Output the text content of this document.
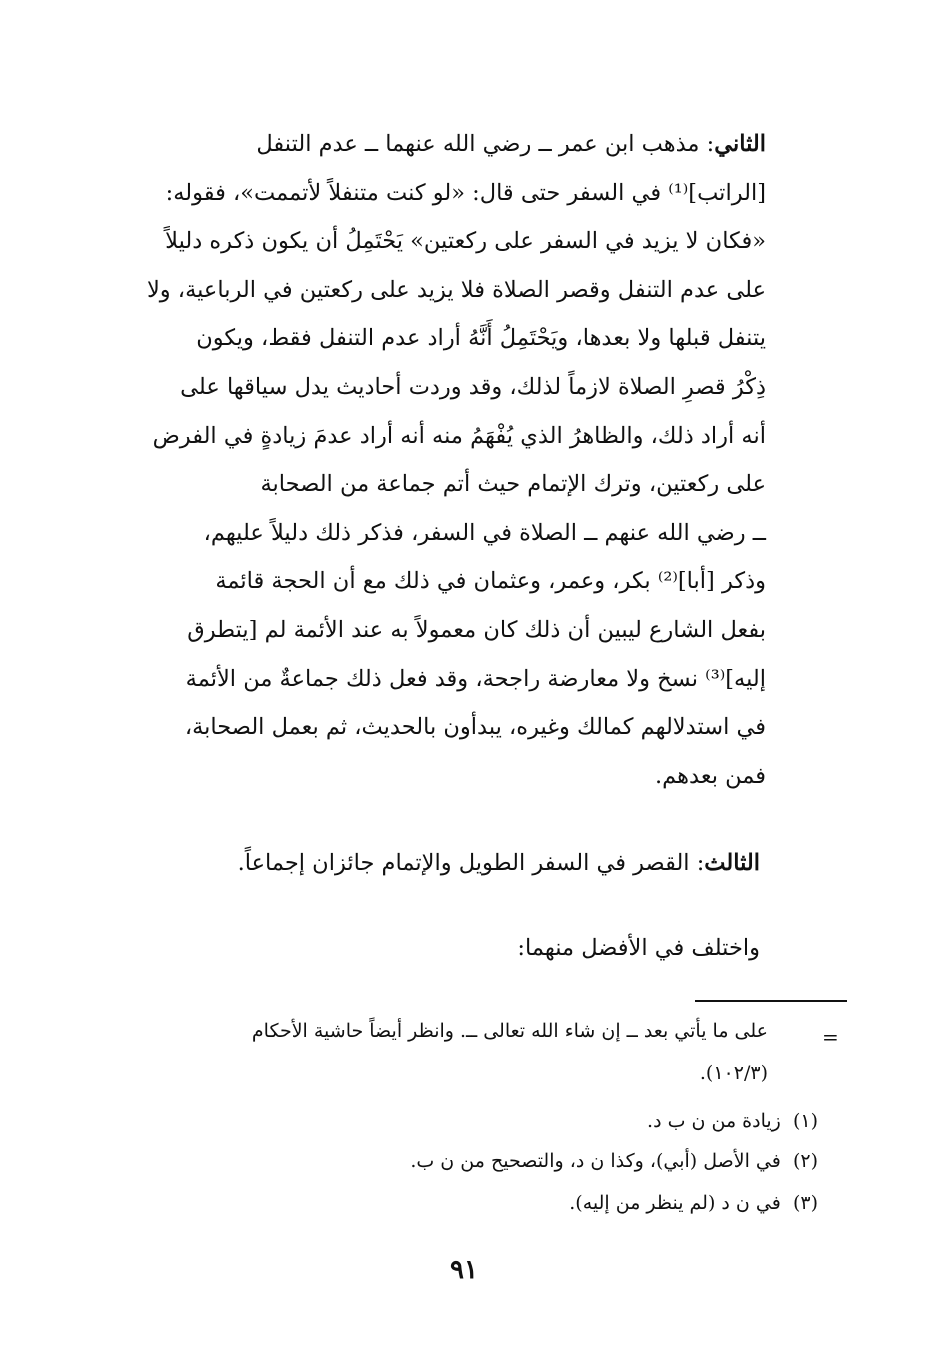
الثاني: مذهب ابن عمر ــ رضي الله عنهما ــ عدم التنفل
[الراتب]⁽¹⁾ في السفر حتى قال: «لو كنت متنفلاً لأتممت»، فقوله:
«فكان لا يزيد في السفر على ركعتين» يَحْتَمِلُ أن يكون ذكره دليلاً
على عدم التنفل وقصر الصلاة فلا يزيد على ركعتين في الرباعية، ولا
يتنفل قبلها ولا بعدها، ويَحْتَمِلُ أَنَّهُ أراد عدم التنفل فقط، ويكون
ذِكْرُ قصرِ الصلاة لازماً لذلك، وقد وردت أحاديث يدل سياقها على
أنه أراد ذلك، والظاهرُ الذي يُفْهَمُ منه أنه أراد عدمَ زيادةٍ في الفرض
على ركعتين، وترك الإتمام حيث أتم جماعة من الصحابة
ــ رضي الله عنهم ــ الصلاة في السفر، فذكر ذلك دليلاً عليهم،
وذكر [أبا]⁽²⁾ بكر، وعمر، وعثمان في ذلك مع أن الحجة قائمة
بفعل الشارع ليبين أن ذلك كان معمولاً به عند الأئمة لم [يتطرق
إليه]⁽³⁾ نسخ ولا معارضة راجحة، وقد فعل ذلك جماعةٌ من الأئمة
في استدلالهم كمالك وغيره، يبدأون بالحديث، ثم بعمل الصحابة،
فمن بعدهم.
الثالث: القصر في السفر الطويل والإتمام جائزان إجماعاً.
واختلف في الأفضل منهما:
=
على ما يأتي بعد ــ إن شاء الله تعالى ــ. وانظر أيضاً حاشية الأحكام
(١٠٢/٣).
(١)  زيادة من ن ب د.
(٢)  في الأصل (أبي)، وكذا ن د، والتصحيح من ن ب.
(٣)  في ن د (لم ينظر من إليه).
٩١
